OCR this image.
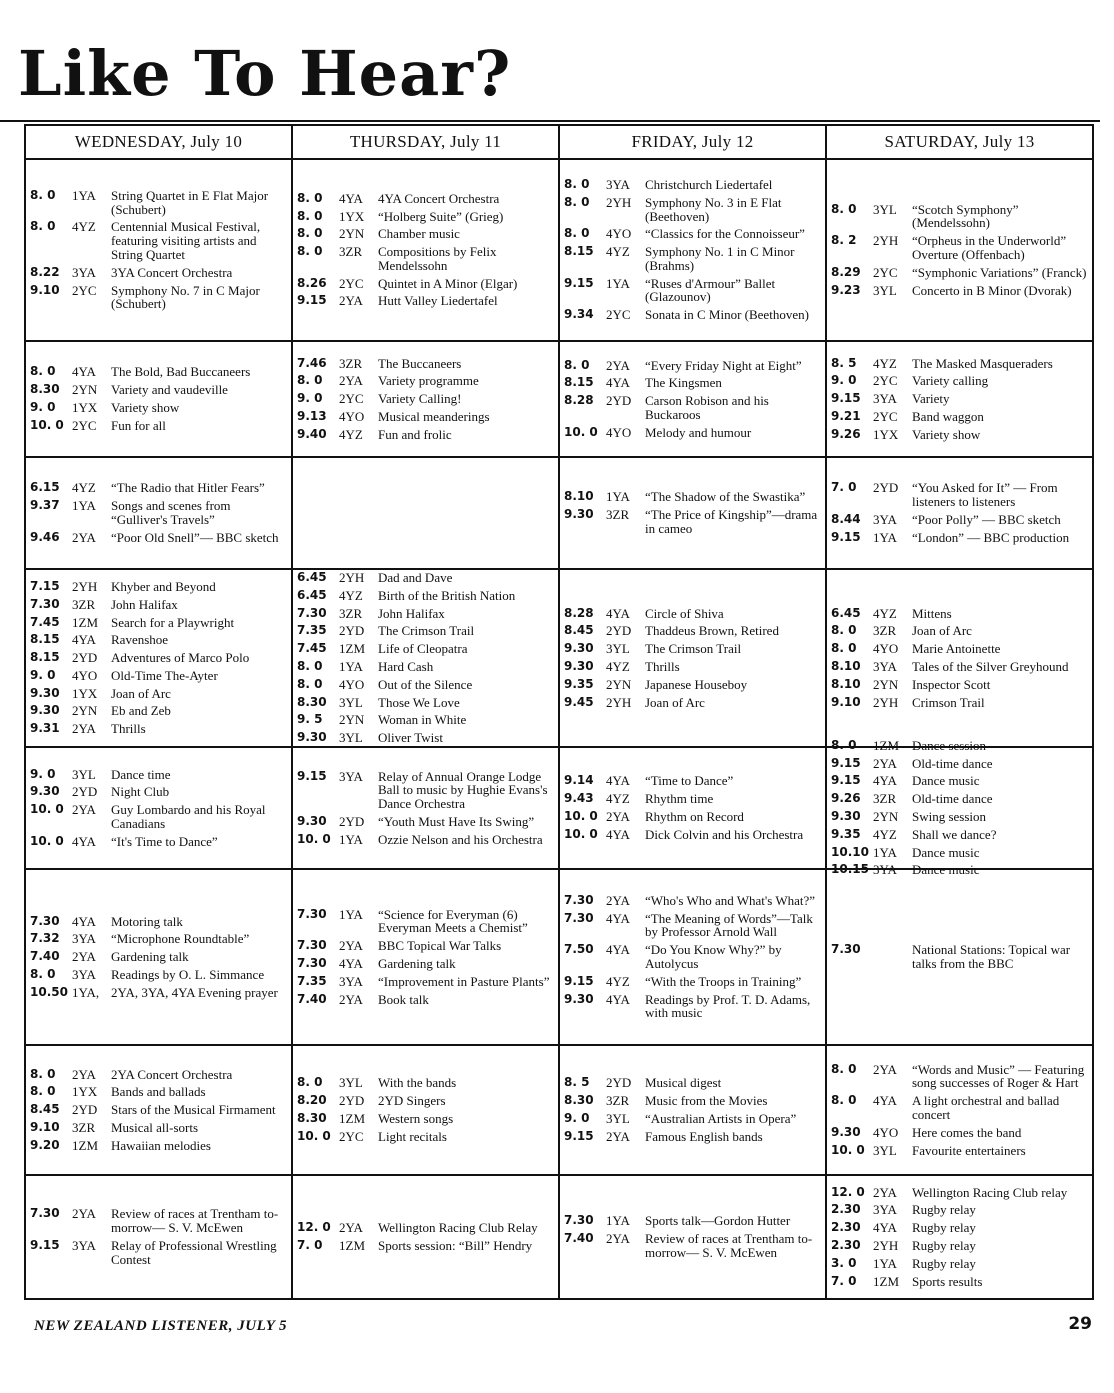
Like To Hear?
WEDNESDAY, July 10
8. 0	1YA	String Quartet in E Flat Major (Schubert)
8. 0	4YZ	Centennial Musical Festival, featuring visiting artists and String Quartet
8.22 3YA	3YA Concert Orchestra
9.10 2YC	Symphony No. 7 in C Major (Schubert)
8. 0	4YA	The Bold, Bad Buccaneers
8.30 2YN	Variety and vaudeville
9. 0	1YX	Variety show
10. 0 2YC	Fun for all
6.15 4YZ	“The Radio that Hitler Fears”
9.37 1YA	Songs and scenes from “Gulliver's Travels”
9.46 2YA	“Poor Old Snell”— BBC sketch
7.15 2YH	Khyber and Beyond
7.30 3ZR	John Halifax
7.45 1ZM	Search for a Playwright
8.15 4YA	Ravenshoe
8.15 2YD	Adventures of Marco Polo
9. 0	4YO	Old-Time The-Ayter
9.30 1YX	Joan of Arc
9.30 2YN	Eb and Zeb
9.31 2YA	Thrills
9. 0	3YL	Dance time
9.30 2YD	Night Club
10. 0 2YA	Guy Lombardo and his Royal Canadians
10. 0 4YA	“It's Time to Dance”
7.30 4YA	Motoring talk
7.32 3YA	“Microphone Roundtable”
7.40 2YA	Gardening talk
8. 0	3YA	Readings by O. L. Simmance
10.50 1YA, 2YA, 3YA, 4YA Evening prayer
8. 0	2YA	2YA Concert Orchestra
8. 0	1YX	Bands and ballads
8.45 2YD	Stars of the Musical Firmament
9.10 3ZR	Musical all-sorts
9.20 1ZM	Hawaiian melodies
7.30 2YA	Review of races at Trentham to-morrow— S. V. McEwen
9.15 3YA	Relay of Professional Wrestling Contest
THURSDAY, July 11
8. 0	4YA	4YA Concert Orchestra
8. 0	1YX	“Holberg Suite” (Grieg)
8. 0	2YN	Chamber music
8. 0	3ZR	Compositions by Felix Mendelssohn
8.26 2YC	Quintet in A Minor (Elgar)
9.15 2YA	Hutt Valley Liedertafel
7.46 3ZR	The Buccaneers
8. 0	2YA	Variety programme
9. 0	2YC	Variety Calling!
9.13 4YO	Musical meanderings
9.40 4YZ	Fun and frolic
6.45 2YH	Dad and Dave
6.45 4YZ	Birth of the British Nation
7.30 3ZR	John Halifax
7.35 2YD	The Crimson Trail
7.45 1ZM	Life of Cleopatra
8. 0	1YA	Hard Cash
8. 0	4YO	Out of the Silence
8.30 3YL	Those We Love
9. 5	2YN	Woman in White
9.30 3YL	Oliver Twist
9.15 3YA	Relay of Annual Orange Lodge Ball to music by Hughie Evans's Dance Orchestra
9.30 2YD	“Youth Must Have Its Swing”
10. 0 1YA	Ozzie Nelson and his Orchestra
7.30 1YA	“Science for Everyman (6) Everyman Meets a Chemist”
7.30 2YA	BBC Topical War Talks
7.30 4YA	Gardening talk
7.35 3YA	“Improvement in Pasture Plants”
7.40 2YA	Book talk
8. 0	3YL	With the bands
8.20 2YD	2YD Singers
8.30 1ZM	Western songs
10. 0 2YC	Light recitals
12. 0 2YA	Wellington Racing Club Relay
7. 0	1ZM	Sports session: “Bill” Hendry
FRIDAY, July 12
8. 0	3YA	Christchurch Liedertafel
8. 0	2YH	Symphony No. 3 in E Flat (Beethoven)
8. 0	4YO	“Classics for the Connoisseur”
8.15 4YZ	Symphony No. 1 in C Minor (Brahms)
9.15 1YA	“Ruses d'Armour” Ballet (Glazounov)
9.34 2YC	Sonata in C Minor (Beethoven)
8. 0	2YA	“Every Friday Night at Eight”
8.15 4YA	The Kingsmen
8.28 2YD	Carson Robison and his Buckaroos
10. 0 4YO	Melody and humour
8.10 1YA	“The Shadow of the Swastika”
9.30 3ZR	“The Price of Kingship”—drama in cameo
8.28 4YA	Circle of Shiva
8.45 2YD	Thaddeus Brown, Retired
9.30 3YL	The Crimson Trail
9.30 4YZ	Thrills
9.35 2YN	Japanese Houseboy
9.45 2YH	Joan of Arc
9.14 4YA	“Time to Dance”
9.43 4YZ	Rhythm time
10. 0 2YA	Rhythm on Record
10. 0 4YA	Dick Colvin and his Orchestra
7.30 2YA	“Who's Who and What's What?”
7.30 4YA	“The Meaning of Words”—Talk by Professor Arnold Wall
7.50 4YA	“Do You Know Why?” by Autolycus
9.15 4YZ	“With the Troops in Training”
9.30 4YA	Readings by Prof. T. D. Adams, with music
8. 5	2YD	Musical digest
8.30 3ZR	Music from the Movies
9. 0	3YL	“Australian Artists in Opera”
9.15 2YA	Famous English bands
7.30 1YA	Sports talk—Gordon Hutter
7.40 2YA	Review of races at Trentham to-morrow— S. V. McEwen
SATURDAY, July 13
8. 0	3YL	“Scotch Symphony” (Mendelssohn)
8. 2	2YH	“Orpheus in the Underworld” Overture (Offenbach)
8.29 2YC	“Symphonic Variations” (Franck)
9.23 3YL	Concerto in B Minor (Dvorak)
8. 5	4YZ	The Masked Masqueraders
9. 0	2YC	Variety calling
9.15 3YA	Variety
9.21 2YC	Band waggon
9.26 1YX	Variety show
7. 0	2YD	“You Asked for It” — From listeners to listeners
8.44 3YA	“Poor Polly” — BBC sketch
9.15 1YA	“London” — BBC production
6.45 4YZ	Mittens
8. 0	3ZR	Joan of Arc
8. 0	4YO	Marie Antoinette
8.10 3YA	Tales of the Silver Greyhound
8.10 2YN	Inspector Scott
9.10 2YH	Crimson Trail
8. 0	1ZM	Dance session
9.15 2YA	Old-time dance
9.15 4YA	Dance music
9.26 3ZR	Old-time dance
9.30 2YN	Swing session
9.35 4YZ	Shall we dance?
10.10 1YA	Dance music
10.15 3YA	Dance music
7.30	National Stations: Topical war talks from the BBC
8. 0	2YA	“Words and Music” — Featuring song successes of Roger & Hart
8. 0	4YA	A light orchestral and ballad concert
9.30 4YO	Here comes the band
10. 0 3YL	Favourite entertainers
12. 0 2YA	Wellington Racing Club relay
2.30 3YA	Rugby relay
2.30 4YA	Rugby relay
2.30 2YH	Rugby relay
3. 0	1YA	Rugby relay
7. 0	1ZM	Sports results
NEW ZEALAND LISTENER, JULY 5	29
